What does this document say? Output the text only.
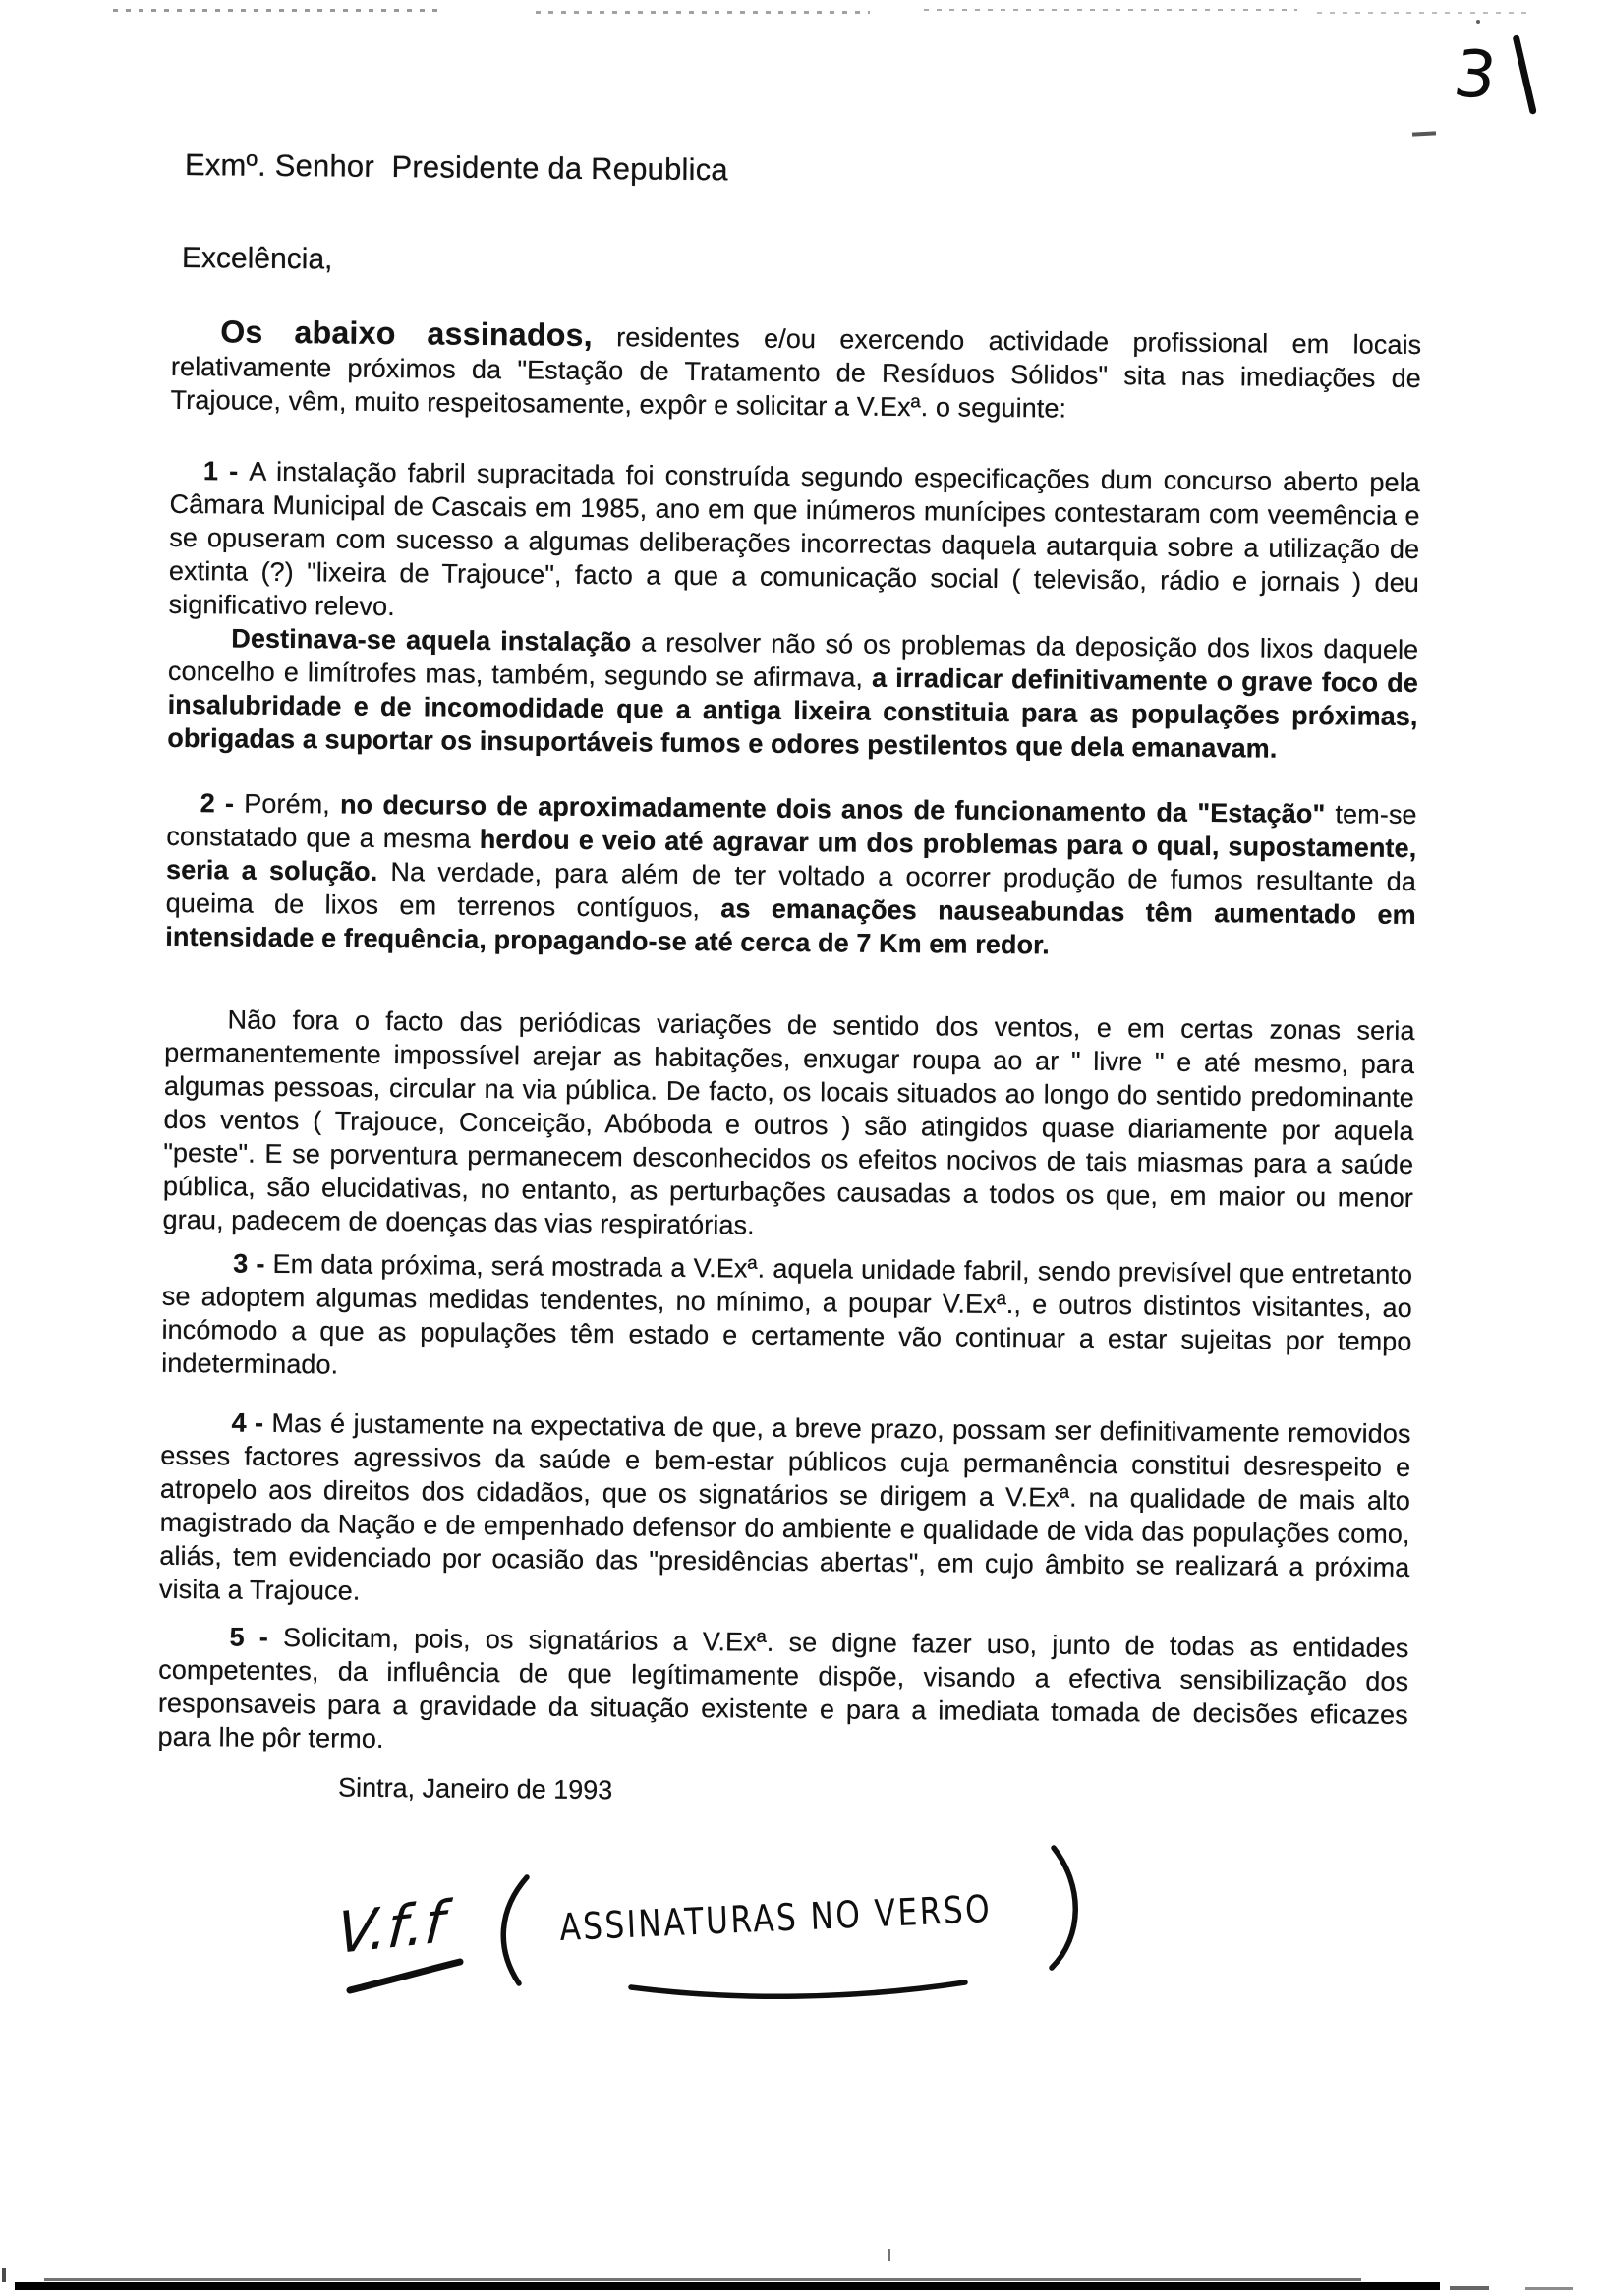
3
Exmº. Senhor  Presidente da Republica
Excelência,

Os abaixo assinados, residentes e/ou exercendo actividade profissional em locais relativamente próximos da "Estação de Tratamento de Resíduos Sólidos" sita nas imediações de Trajouce, vêm, muito respeitosamente, expôr e solicitar a V.Exª. o seguinte:

1 - A instalação fabril supracitada foi construída segundo especificações dum concurso aberto pela Câmara Municipal de Cascais em 1985, ano em que inúmeros munícipes contestaram com veemência e se opuseram com sucesso a algumas deliberações incorrectas daquela autarquia sobre a utilização de extinta (?) "lixeira de Trajouce", facto a que a comunicação social ( televisão, rádio e jornais ) deu significativo relevo.

Destinava-se aquela instalação a resolver não só os problemas da deposição dos lixos daquele concelho e limítrofes mas, também, segundo se afirmava, a irradicar definitivamente o grave foco de insalubridade e de incomodidade que a antiga lixeira constituia para as populações próximas, obrigadas a suportar os insuportáveis fumos e odores pestilentos que dela emanavam.

2 - Porém, no decurso de aproximadamente dois anos de funcionamento da "Estação" tem-se constatado que a mesma herdou e veio até agravar um dos problemas para o qual, supostamente, seria a solução. Na verdade, para além de ter voltado a ocorrer produção de fumos resultante da queima de lixos em terrenos contíguos, as emanações nauseabundas têm aumentado em intensidade e frequência, propagando-se até cerca de 7 Km em redor.

Não fora o facto das periódicas variações de sentido dos ventos, e em certas zonas seria permanentemente impossível arejar as habitações, enxugar roupa ao ar " livre " e até mesmo, para algumas pessoas, circular na via pública. De facto, os locais situados ao longo do sentido predominante dos ventos ( Trajouce, Conceição, Abóboda e outros ) são atingidos quase diariamente por aquela "peste". E se porventura permanecem desconhecidos os efeitos nocivos de tais miasmas para a saúde pública, são elucidativas, no entanto, as perturbações causadas a todos os que, em maior ou menor grau, padecem de doenças das vias respiratórias.

3 - Em data próxima, será mostrada a V.Exª. aquela unidade fabril, sendo previsível que entretanto se adoptem algumas medidas tendentes, no mínimo, a poupar V.Exª., e outros distintos visitantes, ao incómodo a que as populações têm estado e certamente vão continuar a estar sujeitas por tempo indeterminado.

4 - Mas é justamente na expectativa de que, a breve prazo, possam ser definitivamente removidos esses factores agressivos da saúde e bem-estar públicos cuja permanência constitui desrespeito e atropelo aos direitos dos cidadãos, que os signatários se dirigem a V.Exª. na qualidade de mais alto magistrado da Nação e de empenhado defensor do ambiente e qualidade de vida das populações como, aliás, tem evidenciado por ocasião das "presidências abertas", em cujo âmbito se realizará a próxima visita a Trajouce.

5 - Solicitam, pois, os signatários a V.Exª. se digne fazer uso, junto de todas as entidades competentes, da influência de que legítimamente dispõe, visando a efectiva sensibilização dos responsaveis para a gravidade da situação existente e para a imediata tomada de decisões eficazes para lhe pôr termo.

Sintra, Janeiro de 1993
V.f.f	ASSINATURAS NO VERSO
